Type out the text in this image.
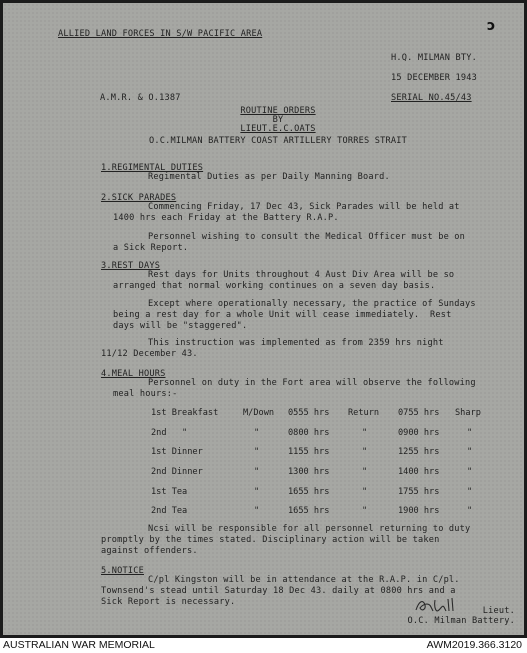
ↄ
ALLIED LAND FORCES IN S/W PACIFIC AREA
H.Q. MILMAN BTY.
15 DECEMBER 1943
A.M.R. & O.1387	SERIAL NO.45/43
ROUTINE ORDERS
BY
LIEUT.E.C.OATS
O.C.MILMAN BATTERY COAST ARTILLERY TORRES STRAIT
1.REGIMENTAL DUTIES
Regimental Duties as per Daily Manning Board.
2.SICK PARADES
Commencing Friday, 17 Dec 43, Sick Parades will be held at
1400 hrs each Friday at the Battery R.A.P.
Personnel wishing to consult the Medical Officer must be on
a Sick Report.
3.REST DAYS
Rest days for Units throughout 4 Aust Div Area will be so
arranged that normal working continues on a seven day basis.
Except where operationally necessary, the practice of Sundays
being a rest day for a whole Unit will cease immediately.  Rest
days will be "staggered".
This instruction was implemented as from 2359 hrs night
11/12 December 43.
4.MEAL HOURS
Personnel on duty in the Fort area will observe the following
meal hours:-
1st Breakfast	M/Down 0555 hrs Return 0755 hrs Sharp
2nd   "	"	0800 hrs	"	0900 hrs	"
1st Dinner	"	1155 hrs	"	1255 hrs	"
2nd Dinner	"	1300 hrs	"	1400 hrs	"
1st Tea	"	1655 hrs	"	1755 hrs	"
2nd Tea	"	1655 hrs	"	1900 hrs	"
Ncsi will be responsible for all personnel returning to duty
promptly by the times stated. Disciplinary action will be taken
against offenders.
5.NOTICE
C/pl Kingston will be in attendance at the R.A.P. in C/pl.
Townsend's stead until Saturday 18 Dec 43. daily at 0800 hrs and a
Sick Report is necessary.
Lieut.
O.C. Milman Battery.
AUSTRALIAN WAR MEMORIAL	AWM2019.366.3120
